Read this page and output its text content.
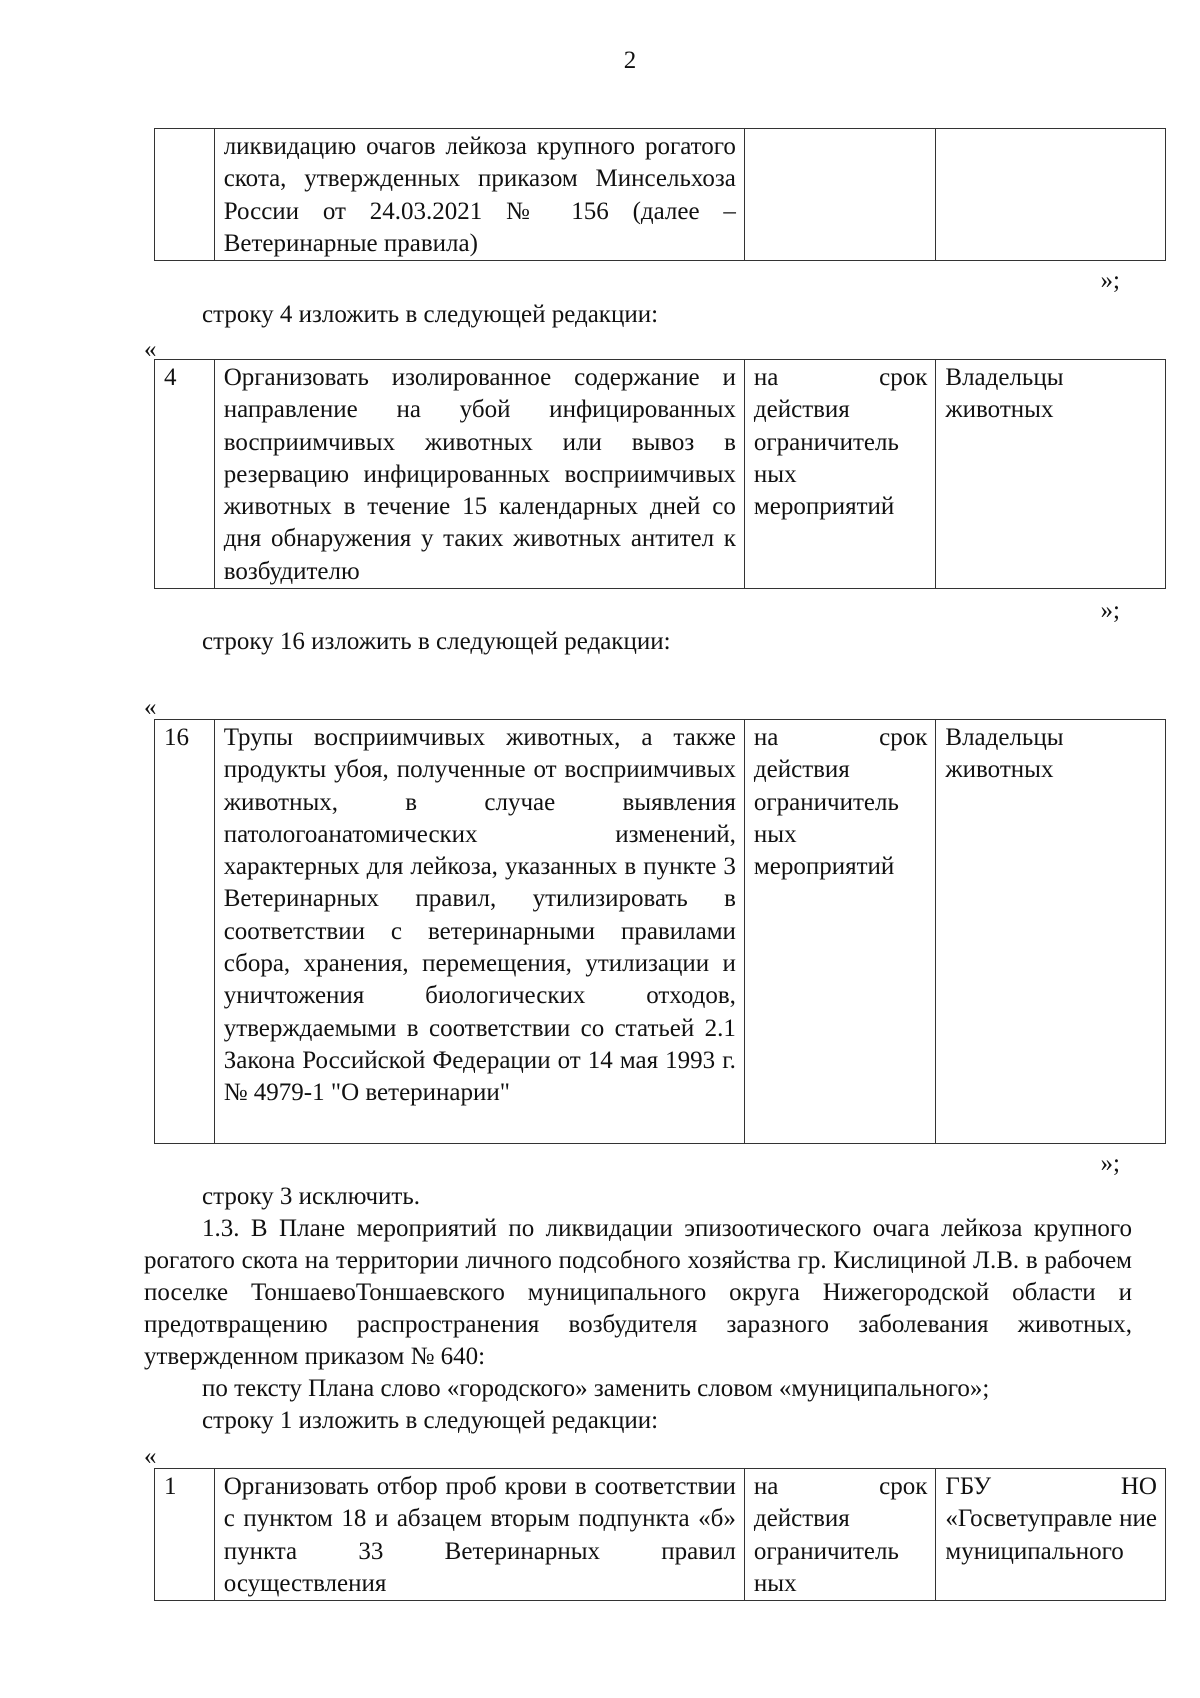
2
	ликвидацию очагов лейкоза крупного рогатого скота, утвержденных приказом Минсельхоза России от 24.03.2021 № 156 (далее – Ветеринарные правила)		
»;

строку 4 изложить в следующей редакции:

«
4	Организовать изолированное содержание и направление на убой инфицированных восприимчивых животных или вывоз в резервацию инфицированных восприимчивых животных в течение 15 календарных дней со дня обнаружения у таких животных антител к возбудителю	на срок действия ограничитель ных мероприятий	Владельцы животных
»;

строку 16 изложить в следующей редакции:

«
16	Трупы восприимчивых животных, а также продукты убоя, полученные от восприимчивых животных, в случае выявления патологоанатомических изменений, характерных для лейкоза, указанных в пункте 3 Ветеринарных правил, утилизировать в соответствии с ветеринарными правилами сбора, хранения, перемещения, утилизации и уничтожения биологических отходов, утверждаемыми в соответствии со статьей 2.1 Закона Российской Федерации от 14 мая 1993 г. № 4979-1 "О ветеринарии"	на срок действия ограничитель ных мероприятий	Владельцы животных
»;

строку 3 исключить.

1.3. В Плане мероприятий по ликвидации эпизоотического очага лейкоза крупного рогатого скота на территории личного подсобного хозяйства гр. Кислициной Л.В. в рабочем поселке ТоншаевоТоншаевского муниципального округа Нижегородской области и предотвращению распространения возбудителя заразного заболевания животных, утвержденном приказом № 640:

по тексту Плана слово «городского» заменить словом «муниципального»;

строку 1 изложить в следующей редакции:

«
1	Организовать отбор проб крови в соответствии с пунктом 18 и абзацем вторым подпункта «б» пункта 33 Ветеринарных правил осуществления	на срок действия ограничитель ных	ГБУ НО «Госветуправле ние муниципального
